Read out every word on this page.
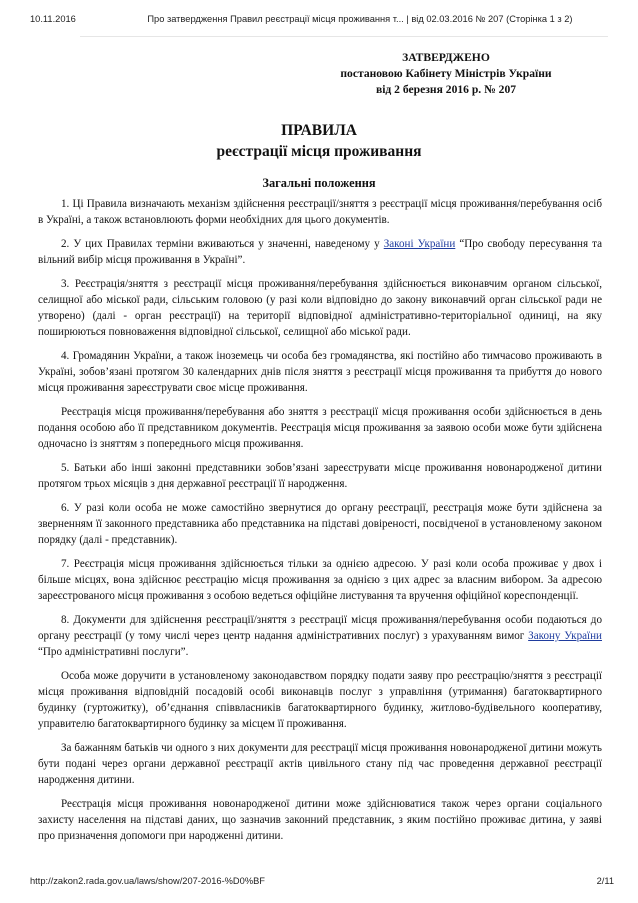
10.11.2016	Про затвердження Правил реєстрації місця проживання т... | від 02.03.2016 № 207 (Сторінка 1 з 2)
ЗАТВЕРДЖЕНО
постановою Кабінету Міністрів України
від 2 березня 2016 р. № 207
ПРАВИЛА
реєстрації місця проживання
Загальні положення

1. Ці Правила визначають механізм здійснення реєстрації/зняття з реєстрації місця проживання/перебування осіб в Україні, а також встановлюють форми необхідних для цього документів.

2. У цих Правилах терміни вживаються у значенні, наведеному у Законі України “Про свободу пересування та вільний вибір місця проживання в Україні”.

3. Реєстрація/зняття з реєстрації місця проживання/перебування здійснюється виконавчим органом сільської, селищної або міської ради, сільським головою (у разі коли відповідно до закону виконавчий орган сільської ради не утворено) (далі - орган реєстрації) на території відповідної адміністративно-територіальної одиниці, на яку поширюються повноваження відповідної сільської, селищної або міської ради.

4. Громадянин України, а також іноземець чи особа без громадянства, які постійно або тимчасово проживають в Україні, зобов’язані протягом 30 календарних днів після зняття з реєстрації місця проживання та прибуття до нового місця проживання зареєструвати своє місце проживання.

Реєстрація місця проживання/перебування або зняття з реєстрації місця проживання особи здійснюється в день подання особою або її представником документів. Реєстрація місця проживання за заявою особи може бути здійснена одночасно із зняттям з попереднього місця проживання.

5. Батьки або інші законні представники зобов’язані зареєструвати місце проживання новонародженої дитини протягом трьох місяців з дня державної реєстрації її народження.

6. У разі коли особа не може самостійно звернутися до органу реєстрації, реєстрація може бути здійснена за зверненням її законного представника або представника на підставі довіреності, посвідченої в установленому законом порядку (далі - представник).

7. Реєстрація місця проживання здійснюється тільки за однією адресою. У разі коли особа проживає у двох і більше місцях, вона здійснює реєстрацію місця проживання за однією з цих адрес за власним вибором. За адресою зареєстрованого місця проживання з особою ведеться офіційне листування та вручення офіційної кореспонденції.

8. Документи для здійснення реєстрації/зняття з реєстрації місця проживання/перебування особи подаються до органу реєстрації (у тому числі через центр надання адміністративних послуг) з урахуванням вимог Закону України “Про адміністративні послуги”.

Особа може доручити в установленому законодавством порядку подати заяву про реєстрацію/зняття з реєстрації місця проживання відповідній посадовій особі виконавців послуг з управління (утримання) багатоквартирного будинку (гуртожитку), об’єднання співвласників багатоквартирного будинку, житлово-будівельного кооперативу, управителю багатоквартирного будинку за місцем її проживання.

За бажанням батьків чи одного з них документи для реєстрації місця проживання новонародженої дитини можуть бути подані через органи державної реєстрації актів цивільного стану під час проведення державної реєстрації народження дитини.

Реєстрація місця проживання новонародженої дитини може здійснюватися також через органи соціального захисту населення на підставі даних, що зазначив законний представник, з яким постійно проживає дитина, у заяві про призначення допомоги при народженні дитини.

http://zakon2.rada.gov.ua/laws/show/207-2016-%D0%BF	2/11
